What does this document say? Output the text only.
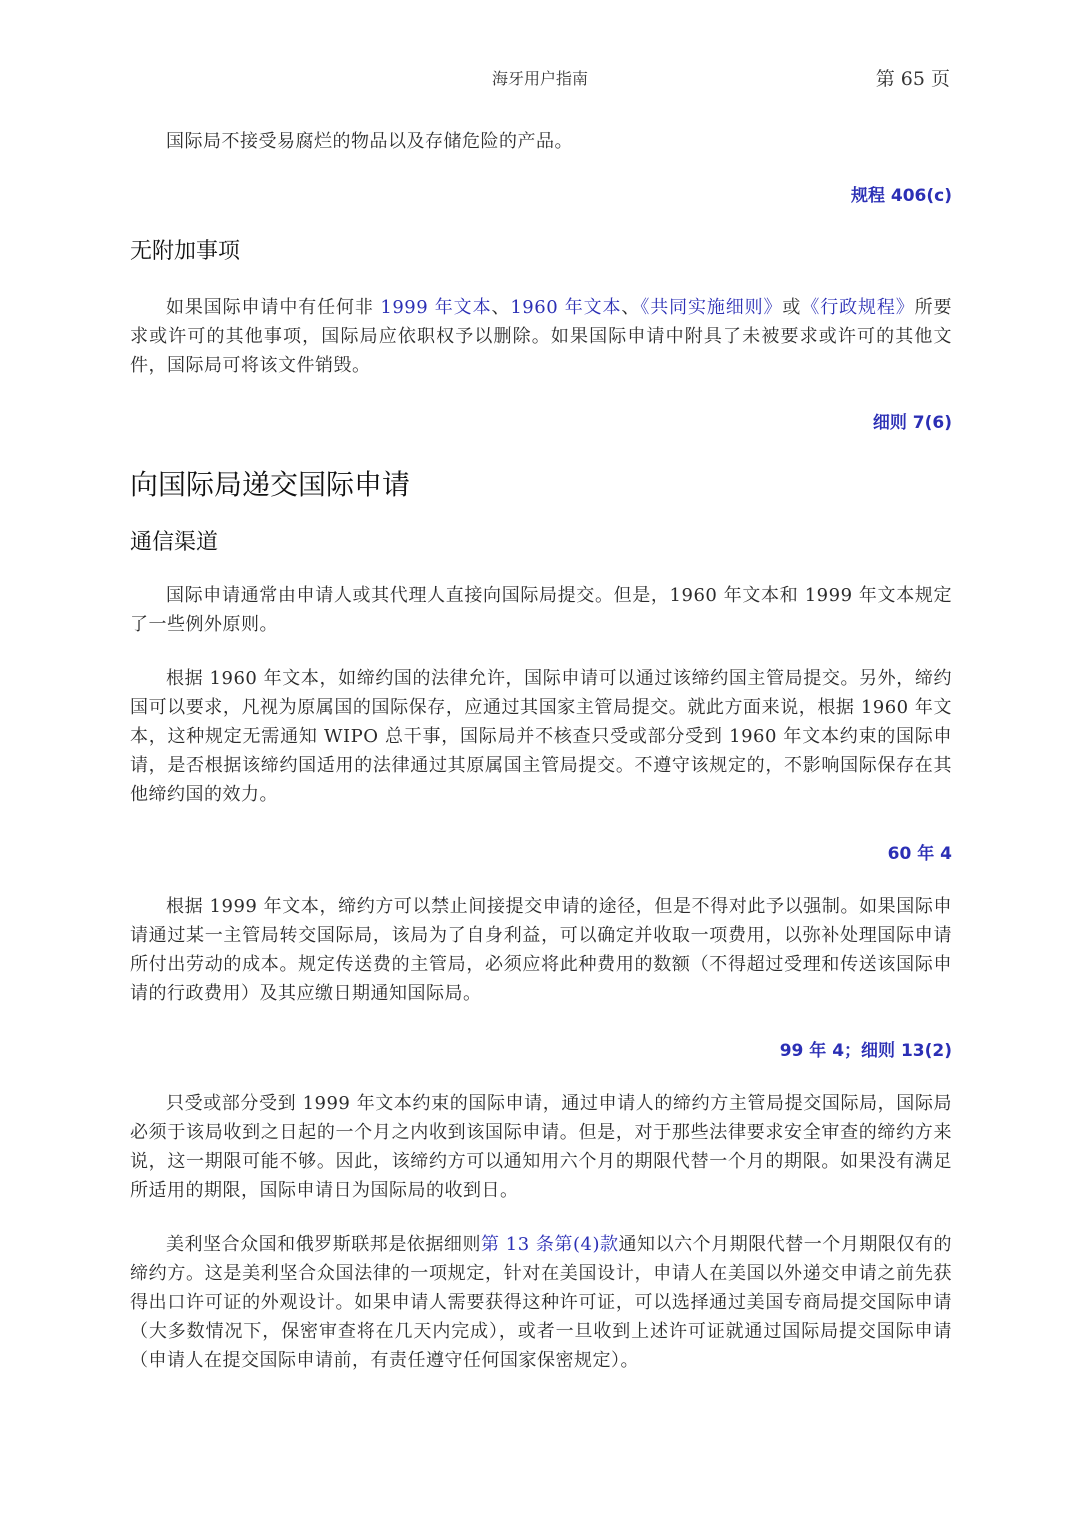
海牙用户指南	第 65 页

国际局不接受易腐烂的物品以及存储危险的产品。

规程 406(c)

无附加事项

如果国际申请中有任何非 1999 年文本、1960 年文本、《共同实施细则》或《行政规程》所要求或许可的其他事项，国际局应依职权予以删除。如果国际申请中附具了未被要求或许可的其他文件，国际局可将该文件销毁。

细则 7(6)

向国际局递交国际申请
通信渠道

国际申请通常由申请人或其代理人直接向国际局提交。但是，1960 年文本和 1999 年文本规定了一些例外原则。

根据 1960 年文本，如缔约国的法律允许，国际申请可以通过该缔约国主管局提交。另外，缔约国可以要求，凡视为原属国的国际保存，应通过其国家主管局提交。就此方面来说，根据 1960 年文本，这种规定无需通知 WIPO 总干事，国际局并不核查只受或部分受到 1960 年文本约束的国际申请，是否根据该缔约国适用的法律通过其原属国主管局提交。不遵守该规定的，不影响国际保存在其他缔约国的效力。

60 年 4

根据 1999 年文本，缔约方可以禁止间接提交申请的途径，但是不得对此予以强制。如果国际申请通过某一主管局转交国际局，该局为了自身利益，可以确定并收取一项费用，以弥补处理国际申请所付出劳动的成本。规定传送费的主管局，必须应将此种费用的数额（不得超过受理和传送该国际申请的行政费用）及其应缴日期通知国际局。

99 年 4；细则 13(2)

只受或部分受到 1999 年文本约束的国际申请，通过申请人的缔约方主管局提交国际局，国际局必须于该局收到之日起的一个月之内收到该国际申请。但是，对于那些法律要求安全审查的缔约方来说，这一期限可能不够。因此，该缔约方可以通知用六个月的期限代替一个月的期限。如果没有满足所适用的期限，国际申请日为国际局的收到日。

美利坚合众国和俄罗斯联邦是依据细则第 13 条第(4)款通知以六个月期限代替一个月期限仅有的缔约方。这是美利坚合众国法律的一项规定，针对在美国设计，申请人在美国以外递交申请之前先获得出口许可证的外观设计。如果申请人需要获得这种许可证，可以选择通过美国专商局提交国际申请（大多数情况下，保密审查将在几天内完成），或者一旦收到上述许可证就通过国际局提交国际申请（申请人在提交国际申请前，有责任遵守任何国家保密规定）。
